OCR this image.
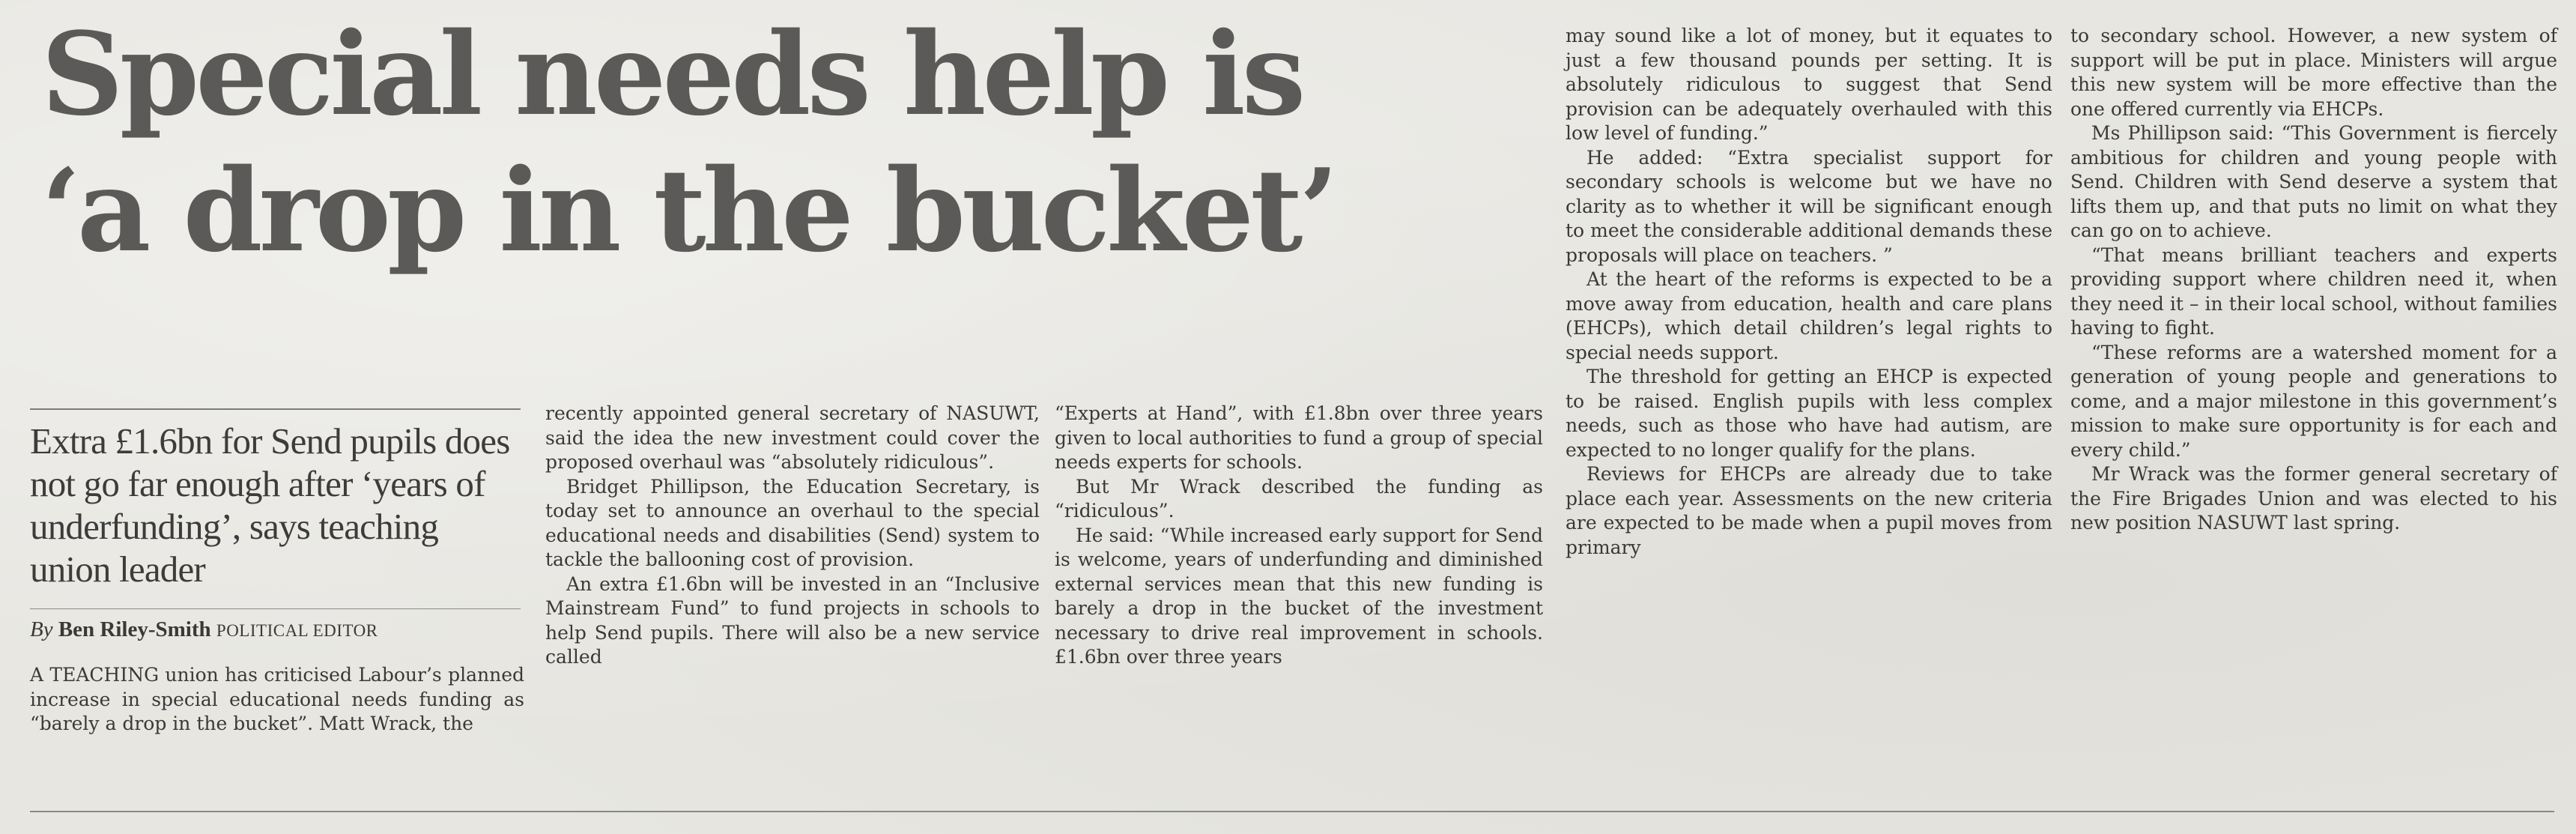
Special needs help is
‘a drop in the bucket’
Extra £1.6bn for Send pupils does not go far enough after ‘years of underfunding’, says teaching union leader
By Ben Riley-Smith POLITICAL EDITOR

A TEACHING union has criticised Labour’s planned increase in special educational needs funding as “barely a drop in the bucket”. Matt Wrack, the

recently appointed general secretary of NASUWT, said the idea the new investment could cover the proposed overhaul was “absolutely ridiculous”.

Bridget Phillipson, the Education Secretary, is today set to announce an overhaul to the special educational needs and disabilities (Send) system to tackle the ballooning cost of provision.

An extra £1.6bn will be invested in an “Inclusive Mainstream Fund” to fund projects in schools to help Send pupils. There will also be a new service called

“Experts at Hand”, with £1.8bn over three years given to local authorities to fund a group of special needs experts for schools.

But Mr Wrack described the funding as “ridiculous”.

He said: “While increased early support for Send is welcome, years of underfunding and diminished external services mean that this new funding is barely a drop in the bucket of the investment necessary to drive real improvement in schools. £1.6bn over three years

may sound like a lot of money, but it equates to just a few thousand pounds per setting. It is absolutely ridiculous to suggest that Send provision can be adequately overhauled with this low level of funding.”

He added: “Extra specialist support for secondary schools is welcome but we have no clarity as to whether it will be significant enough to meet the considerable additional demands these proposals will place on teachers. ”

At the heart of the reforms is expected to be a move away from education, health and care plans (EHCPs), which detail children’s legal rights to special needs support.

The threshold for getting an EHCP is expected to be raised. English pupils with less complex needs, such as those who have had autism, are expected to no longer qualify for the plans.

Reviews for EHCPs are already due to take place each year. Assessments on the new criteria are expected to be made when a pupil moves from primary

to secondary school. However, a new system of support will be put in place. Ministers will argue this new system will be more effective than the one offered currently via EHCPs.

Ms Phillipson said: “This Government is fiercely ambitious for children and young people with Send. Children with Send deserve a system that lifts them up, and that puts no limit on what they can go on to achieve.

“That means brilliant teachers and experts providing support where children need it, when they need it – in their local school, without families having to fight.

“These reforms are a watershed moment for a generation of young people and generations to come, and a major milestone in this government’s mission to make sure opportunity is for each and every child.”

Mr Wrack was the former general secretary of the Fire Brigades Union and was elected to his new position NASUWT last spring.
